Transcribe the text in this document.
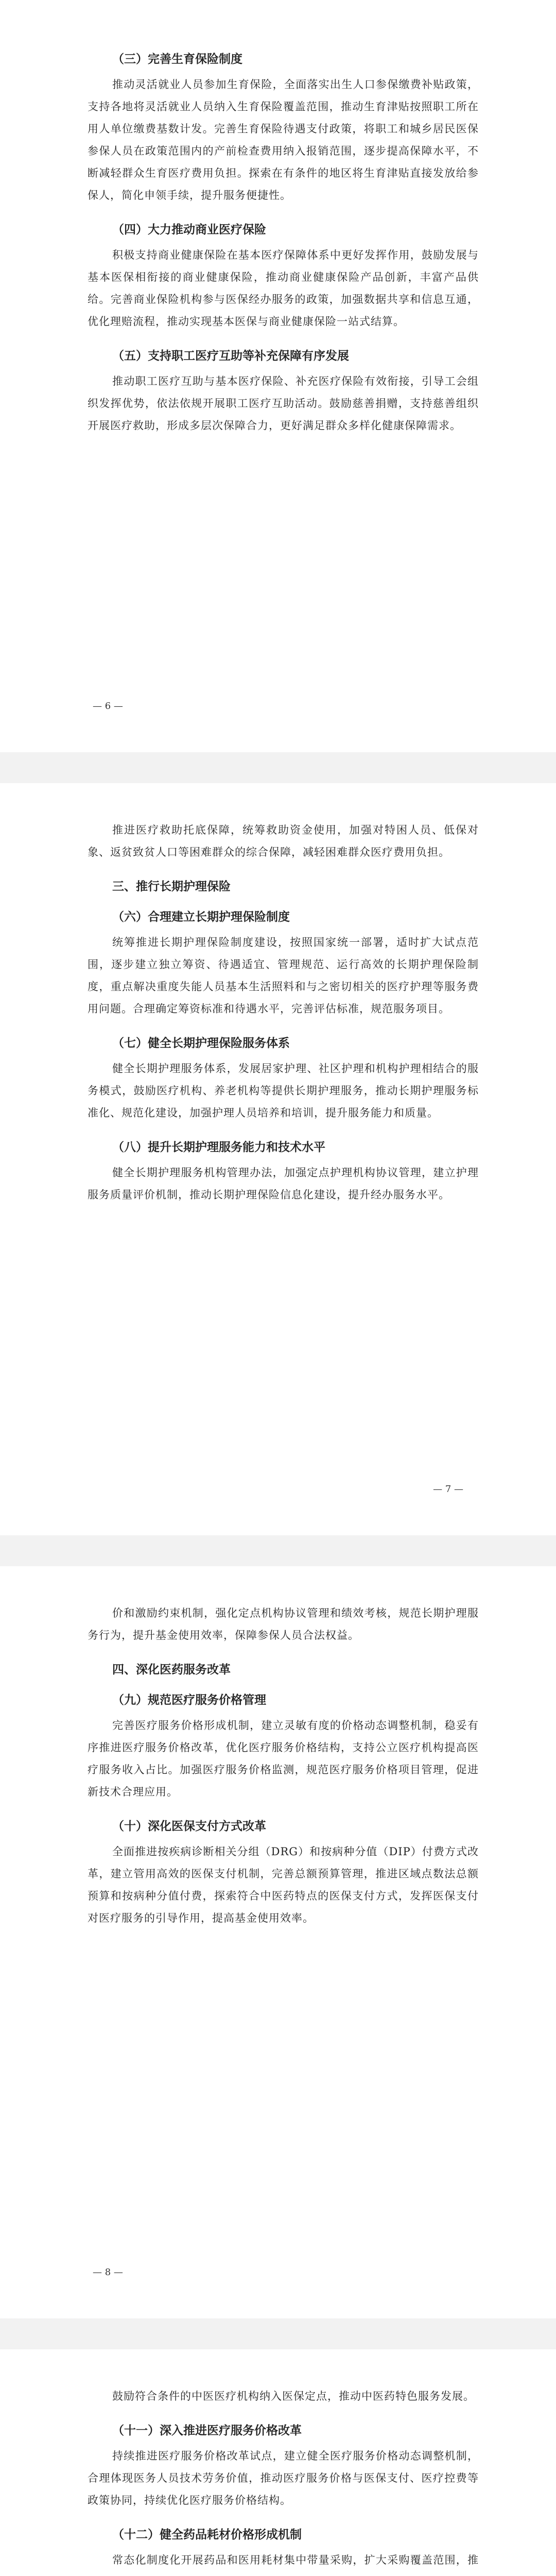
（三）完善生育保险制度
推动灵活就业人员参加生育保险，全面落实出生人口参保缴费补贴政策，支持各地将灵活就业人员纳入生育保险覆盖范围，推动生育津贴按照职工所在用人单位缴费基数计发。完善生育保险待遇支付政策，将职工和城乡居民医保参保人员在政策范围内的产前检查费用纳入报销范围，逐步提高保障水平，不断减轻群众生育医疗费用负担。探索在有条件的地区将生育津贴直接发放给参保人，简化申领手续，提升服务便捷性。
（四）大力推动商业医疗保险
积极支持商业健康保险在基本医疗保障体系中更好发挥作用，鼓励发展与基本医保相衔接的商业健康保险，推动商业健康保险产品创新，丰富产品供给。完善商业保险机构参与医保经办服务的政策，加强数据共享和信息互通，优化理赔流程，推动实现基本医保与商业健康保险一站式结算。
（五）支持职工医疗互助等补充保障有序发展
推动职工医疗互助与基本医疗保险、补充医疗保险有效衔接，引导工会组织发挥优势，依法依规开展职工医疗互助活动。鼓励慈善捐赠，支持慈善组织开展医疗救助，形成多层次保障合力，更好满足群众多样化健康保障需求。
— 6 —
推进医疗救助托底保障，统筹救助资金使用，加强对特困人员、低保对象、返贫致贫人口等困难群众的综合保障，减轻困难群众医疗费用负担。
三、推行长期护理保险
（六）合理建立长期护理保险制度
统筹推进长期护理保险制度建设，按照国家统一部署，适时扩大试点范围，逐步建立独立筹资、待遇适宜、管理规范、运行高效的长期护理保险制度，重点解决重度失能人员基本生活照料和与之密切相关的医疗护理等服务费用问题。合理确定筹资标准和待遇水平，完善评估标准，规范服务项目。
（七）健全长期护理保险服务体系
健全长期护理服务体系，发展居家护理、社区护理和机构护理相结合的服务模式，鼓励医疗机构、养老机构等提供长期护理服务，推动长期护理服务标准化、规范化建设，加强护理人员培养和培训，提升服务能力和质量。
（八）提升长期护理服务能力和技术水平
健全长期护理服务机构管理办法，加强定点护理机构协议管理，建立护理服务质量评价机制，推动长期护理保险信息化建设，提升经办服务水平。
— 7 —
价和激励约束机制，强化定点机构协议管理和绩效考核，规范长期护理服务行为，提升基金使用效率，保障参保人员合法权益。
四、深化医药服务改革
（九）规范医疗服务价格管理
完善医疗服务价格形成机制，建立灵敏有度的价格动态调整机制，稳妥有序推进医疗服务价格改革，优化医疗服务价格结构，支持公立医疗机构提高医疗服务收入占比。加强医疗服务价格监测，规范医疗服务价格项目管理，促进新技术合理应用。
（十）深化医保支付方式改革
全面推进按疾病诊断相关分组（DRG）和按病种分值（DIP）付费方式改革，建立管用高效的医保支付机制，完善总额预算管理，推进区域点数法总额预算和按病种分值付费，探索符合中医药特点的医保支付方式，发挥医保支付对医疗服务的引导作用，提高基金使用效率。
— 8 —
鼓励符合条件的中医医疗机构纳入医保定点，推动中医药特色服务发展。
（十一）深入推进医疗服务价格改革
持续推进医疗服务价格改革试点，建立健全医疗服务价格动态调整机制，合理体现医务人员技术劳务价值，推动医疗服务价格与医保支付、医疗控费等政策协同，持续优化医疗服务价格结构。
（十二）健全药品耗材价格形成机制
常态化制度化开展药品和医用耗材集中带量采购，扩大采购覆盖范围，推
